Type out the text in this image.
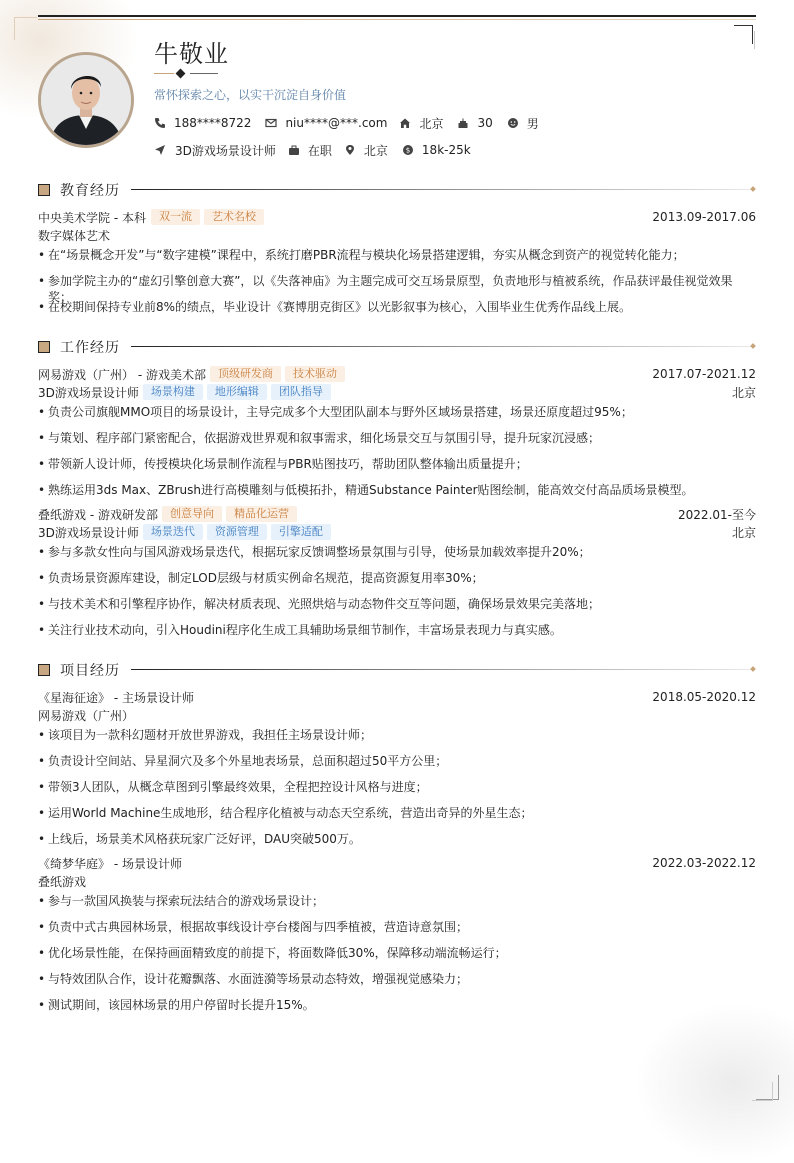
牛敬业
常怀探索之心，以实干沉淀自身价值
188****8722	niu****@***.com	北京	30	男
3D游戏场景设计师	在职	北京	$ 18k-25k
教育经历
中央美术学院 - 本科	双一流	艺术名校	2013.09-2017.06
数字媒体艺术
• 在“场景概念开发”与“数字建模”课程中，系统打磨PBR流程与模块化场景搭建逻辑，夯实从概念到资产的视觉转化能力；
• 参加学院主办的“虚幻引擎创意大赛”，以《失落神庙》为主题完成可交互场景原型，负责地形与植被系统，作品获评最佳视觉效果奖；
• 在校期间保持专业前8%的绩点，毕业设计《赛博朋克街区》以光影叙事为核心，入围毕业生优秀作品线上展。
工作经历
网易游戏（广州） - 游戏美术部	顶级研发商	技术驱动	2017.07-2021.12
3D游戏场景设计师	场景构建	地形编辑	团队指导	北京
• 负责公司旗舰MMO项目的场景设计，主导完成多个大型团队副本与野外区域场景搭建，场景还原度超过95%；
• 与策划、程序部门紧密配合，依据游戏世界观和叙事需求，细化场景交互与氛围引导，提升玩家沉浸感；
• 带领新人设计师，传授模块化场景制作流程与PBR贴图技巧，帮助团队整体输出质量提升；
• 熟练运用3ds Max、ZBrush进行高模雕刻与低模拓扑，精通Substance Painter贴图绘制，能高效交付高品质场景模型。
叠纸游戏 - 游戏研发部	创意导向	精品化运营	2022.01-至今
3D游戏场景设计师	场景迭代	资源管理	引擎适配	北京
• 参与多款女性向与国风游戏场景迭代，根据玩家反馈调整场景氛围与引导，使场景加载效率提升20%；
• 负责场景资源库建设，制定LOD层级与材质实例命名规范，提高资源复用率30%；
• 与技术美术和引擎程序协作，解决材质表现、光照烘焙与动态物件交互等问题，确保场景效果完美落地；
• 关注行业技术动向，引入Houdini程序化生成工具辅助场景细节制作，丰富场景表现力与真实感。
项目经历
《星海征途》 - 主场景设计师	2018.05-2020.12
网易游戏（广州）
• 该项目为一款科幻题材开放世界游戏，我担任主场景设计师；
• 负责设计空间站、异星洞穴及多个外星地表场景，总面积超过50平方公里；
• 带领3人团队，从概念草图到引擎最终效果，全程把控设计风格与进度；
• 运用World Machine生成地形，结合程序化植被与动态天空系统，营造出奇异的外星生态；
• 上线后，场景美术风格获玩家广泛好评，DAU突破500万。
《绮梦华庭》 - 场景设计师	2022.03-2022.12
叠纸游戏
• 参与一款国风换装与探索玩法结合的游戏场景设计；
• 负责中式古典园林场景，根据故事线设计亭台楼阁与四季植被，营造诗意氛围；
• 优化场景性能，在保持画面精致度的前提下，将面数降低30%，保障移动端流畅运行；
• 与特效团队合作，设计花瓣飘落、水面涟漪等场景动态特效，增强视觉感染力；
• 测试期间，该园林场景的用户停留时长提升15%。
